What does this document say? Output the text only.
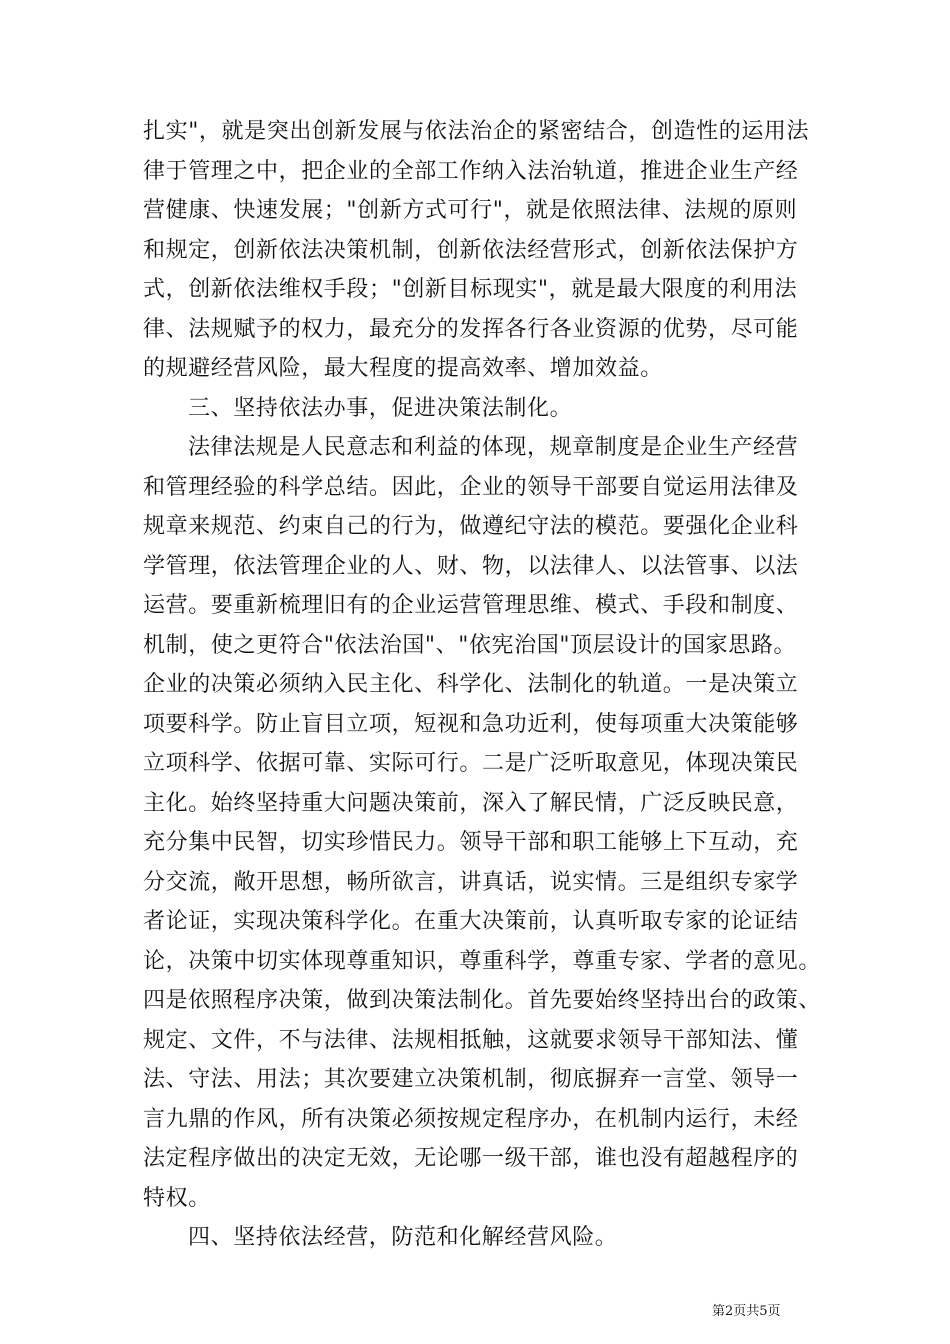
扎实"，就是突出创新发展与依法治企的紧密结合，创造性的运用法
律于管理之中，把企业的全部工作纳入法治轨道，推进企业生产经
营健康、快速发展；"创新方式可行"，就是依照法律、法规的原则
和规定，创新依法决策机制，创新依法经营形式，创新依法保护方
式，创新依法维权手段；"创新目标现实"，就是最大限度的利用法
律、法规赋予的权力，最充分的发挥各行各业资源的优势，尽可能
的规避经营风险，最大程度的提高效率、增加效益。
三、坚持依法办事，促进决策法制化。
法律法规是人民意志和利益的体现，规章制度是企业生产经营
和管理经验的科学总结。因此，企业的领导干部要自觉运用法律及
规章来规范、约束自己的行为，做遵纪守法的模范。要强化企业科
学管理，依法管理企业的人、财、物，以法律人、以法管事、以法
运营。要重新梳理旧有的企业运营管理思维、模式、手段和制度、
机制，使之更符合"依法治国"、"依宪治国"顶层设计的国家思路。
企业的决策必须纳入民主化、科学化、法制化的轨道。一是决策立
项要科学。防止盲目立项，短视和急功近利，使每项重大决策能够
立项科学、依据可靠、实际可行。二是广泛听取意见，体现决策民
主化。始终坚持重大问题决策前，深入了解民情，广泛反映民意，
充分集中民智，切实珍惜民力。领导干部和职工能够上下互动，充
分交流，敞开思想，畅所欲言，讲真话，说实情。三是组织专家学
者论证，实现决策科学化。在重大决策前，认真听取专家的论证结
论，决策中切实体现尊重知识，尊重科学，尊重专家、学者的意见。
四是依照程序决策，做到决策法制化。首先要始终坚持出台的政策、
规定、文件，不与法律、法规相抵触，这就要求领导干部知法、懂
法、守法、用法；其次要建立决策机制，彻底摒弃一言堂、领导一
言九鼎的作风，所有决策必须按规定程序办，在机制内运行，未经
法定程序做出的决定无效，无论哪一级干部，谁也没有超越程序的
特权。
四、坚持依法经营，防范和化解经营风险。
第2页共5页
